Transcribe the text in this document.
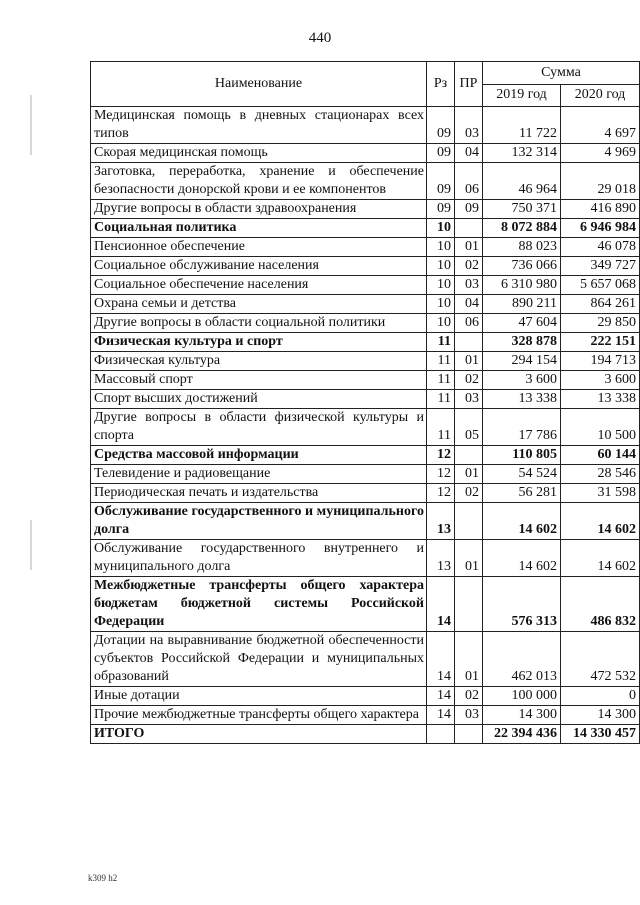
440
Наименование	Рз	ПР	Сумма	
			2019 год	2020 год
Медицинская помощь в дневных стационарах всех типов	09	03	11 722	4 697
Скорая медицинская помощь	09	04	132 314	4 969
Заготовка, переработка, хранение и обеспечение безопасности донорской крови и ее компонентов	09	06	46 964	29 018
Другие вопросы в области здравоохранения	09	09	750 371	416 890
Социальная политика	10		8 072 884	6 946 984
Пенсионное обеспечение	10	01	88 023	46 078
Социальное обслуживание населения	10	02	736 066	349 727
Социальное обеспечение населения	10	03	6 310 980	5 657 068
Охрана семьи и детства	10	04	890 211	864 261
Другие вопросы в области социальной политики	10	06	47 604	29 850
Физическая культура и спорт	11		328 878	222 151
Физическая культура	11	01	294 154	194 713
Массовый спорт	11	02	3 600	3 600
Спорт высших достижений	11	03	13 338	13 338
Другие вопросы в области физической культуры и спорта	11	05	17 786	10 500
Средства массовой информации	12		110 805	60 144
Телевидение и радиовещание	12	01	54 524	28 546
Периодическая печать и издательства	12	02	56 281	31 598
Обслуживание государственного и муниципального долга	13		14 602	14 602
Обслуживание государственного внутреннего и муниципального долга	13	01	14 602	14 602
Межбюджетные трансферты общего характера бюджетам бюджетной системы Российской Федерации	14		576 313	486 832
Дотации на выравнивание бюджетной обеспеченности субъектов Российской Федерации и муниципальных образований	14	01	462 013	472 532
Иные дотации	14	02	100 000	0
Прочие межбюджетные трансферты общего характера	14	03	14 300	14 300
ИТОГО			22 394 436	14 330 457
k309 h2
